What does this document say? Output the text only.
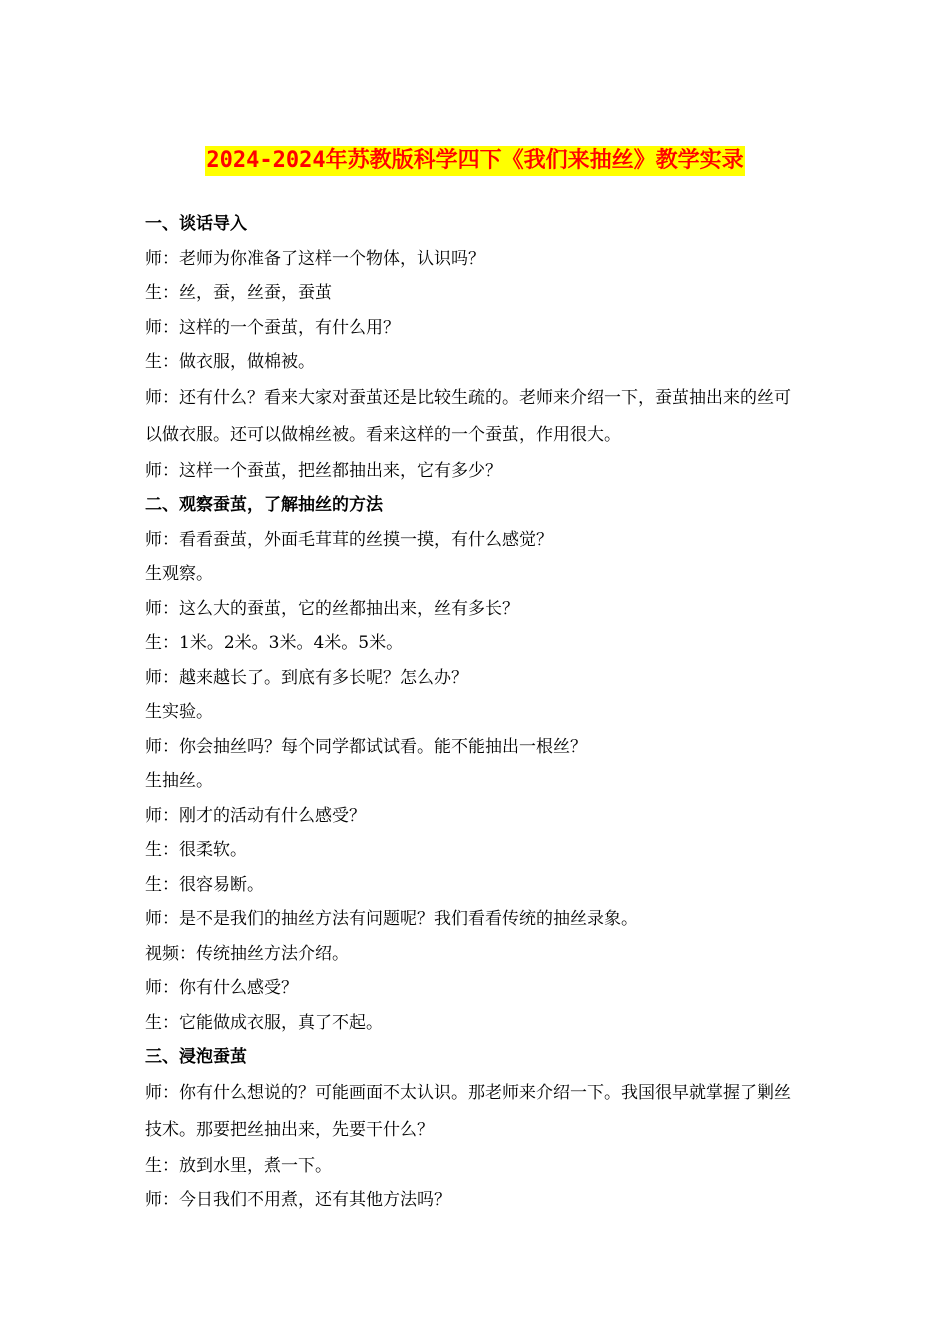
2024-2024年苏教版科学四下《我们来抽丝》教学实录
一、谈话导入
师：老师为你准备了这样一个物体，认识吗？
生：丝，蚕，丝蚕，蚕茧
师：这样的一个蚕茧，有什么用？
生：做衣服，做棉被。
师：还有什么？看来大家对蚕茧还是比较生疏的。老师来介绍一下，蚕茧抽出来的丝可以做衣服。还可以做棉丝被。看来这样的一个蚕茧，作用很大。
师：这样一个蚕茧，把丝都抽出来，它有多少？
二、观察蚕茧，了解抽丝的方法
师：看看蚕茧，外面毛茸茸的丝摸一摸，有什么感觉？
生观察。
师：这么大的蚕茧，它的丝都抽出来，丝有多长？
生：1米。2米。3米。4米。5米。
师：越来越长了。到底有多长呢？怎么办？
生实验。
师：你会抽丝吗？每个同学都试试看。能不能抽出一根丝？
生抽丝。
师：刚才的活动有什么感受？
生：很柔软。
生：很容易断。
师：是不是我们的抽丝方法有问题呢？我们看看传统的抽丝录象。
视频：传统抽丝方法介绍。
师：你有什么感受？
生：它能做成衣服，真了不起。
三、浸泡蚕茧
师：你有什么想说的？可能画面不太认识。那老师来介绍一下。我国很早就掌握了剿丝技术。那要把丝抽出来，先要干什么？
生：放到水里，煮一下。
师：今日我们不用煮，还有其他方法吗？
